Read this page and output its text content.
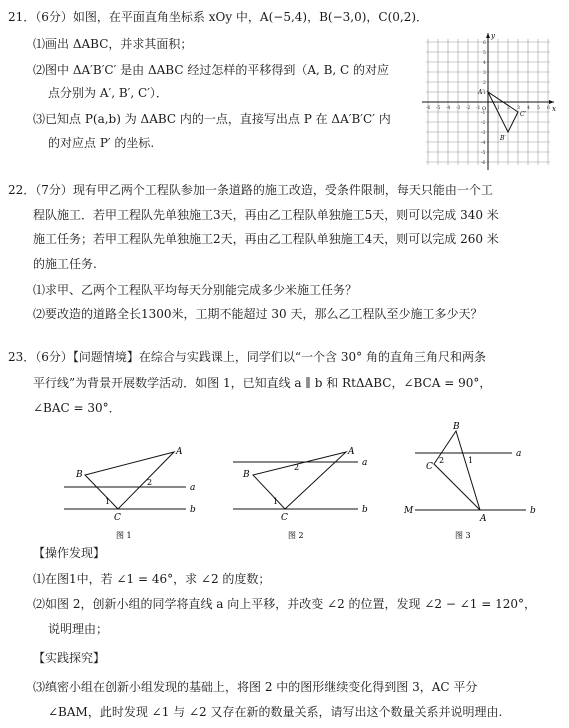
21．（6分）如图，在平面直角坐标系 xOy 中，A(−5,4)，B(−3,0)，C(0,2)．
⑴画出 ΔABC，并求其面积；
⑵图中 ΔA′B′C′ 是由 ΔABC 经过怎样的平移得到（A, B, C 的对应
点分别为 A′, B′, C′）．
⑶已知点 P(a,b) 为 ΔABC 内的一点，直接写出点 P 在 ΔA′B′C′ 内
的对应点 P′ 的坐标.
y
x
O
-6 -5 -4 -3 -2 -1	1 2 3 4 5 6
6
5
4
3
2
1
-1
-2
-3
-4
-5
-6
A′
B′
C′
22．（7分）现有甲乙两个工程队参加一条道路的施工改造，受条件限制，每天只能由一个工
程队施工．若甲工程队先单独施工3天，再由乙工程队单独施工5天，则可以完成 340 米
施工任务；若甲工程队先单独施工2天，再由乙工程队单独施工4天，则可以完成 260 米
的施工任务.
⑴求甲、乙两个工程队平均每天分别能完成多少米施工任务？
⑵要改造的道路全长1300米，工期不能超过 30 天，那么乙工程队至少施工多少天？
23．（6分）【问题情境】在综合与实践课上，同学们以“一个含 30° 角的直角三角尺和两条
平行线”为背景开展数学活动．如图 1，已知直线 a ∥ b 和 RtΔABC，∠BCA = 90°，
∠BAC = 30°．
A
B
C
a
b
1
2
图 1
A
B
C
a
b
1
2
图 2
A
B
C
M
a
b
1
2
图 3
【操作发现】
⑴在图1中，若 ∠1 = 46°，求 ∠2 的度数；
⑵如图 2，创新小组的同学将直线 a 向上平移，并改变 ∠2 的位置，发现 ∠2 − ∠1 = 120°，
说明理由；
【实践探究】
⑶缜密小组在创新小组发现的基础上，将图 2 中的图形继续变化得到图 3，AC 平分
∠BAM，此时发现 ∠1 与 ∠2 又存在新的数量关系，请写出这个数量关系并说明理由.
